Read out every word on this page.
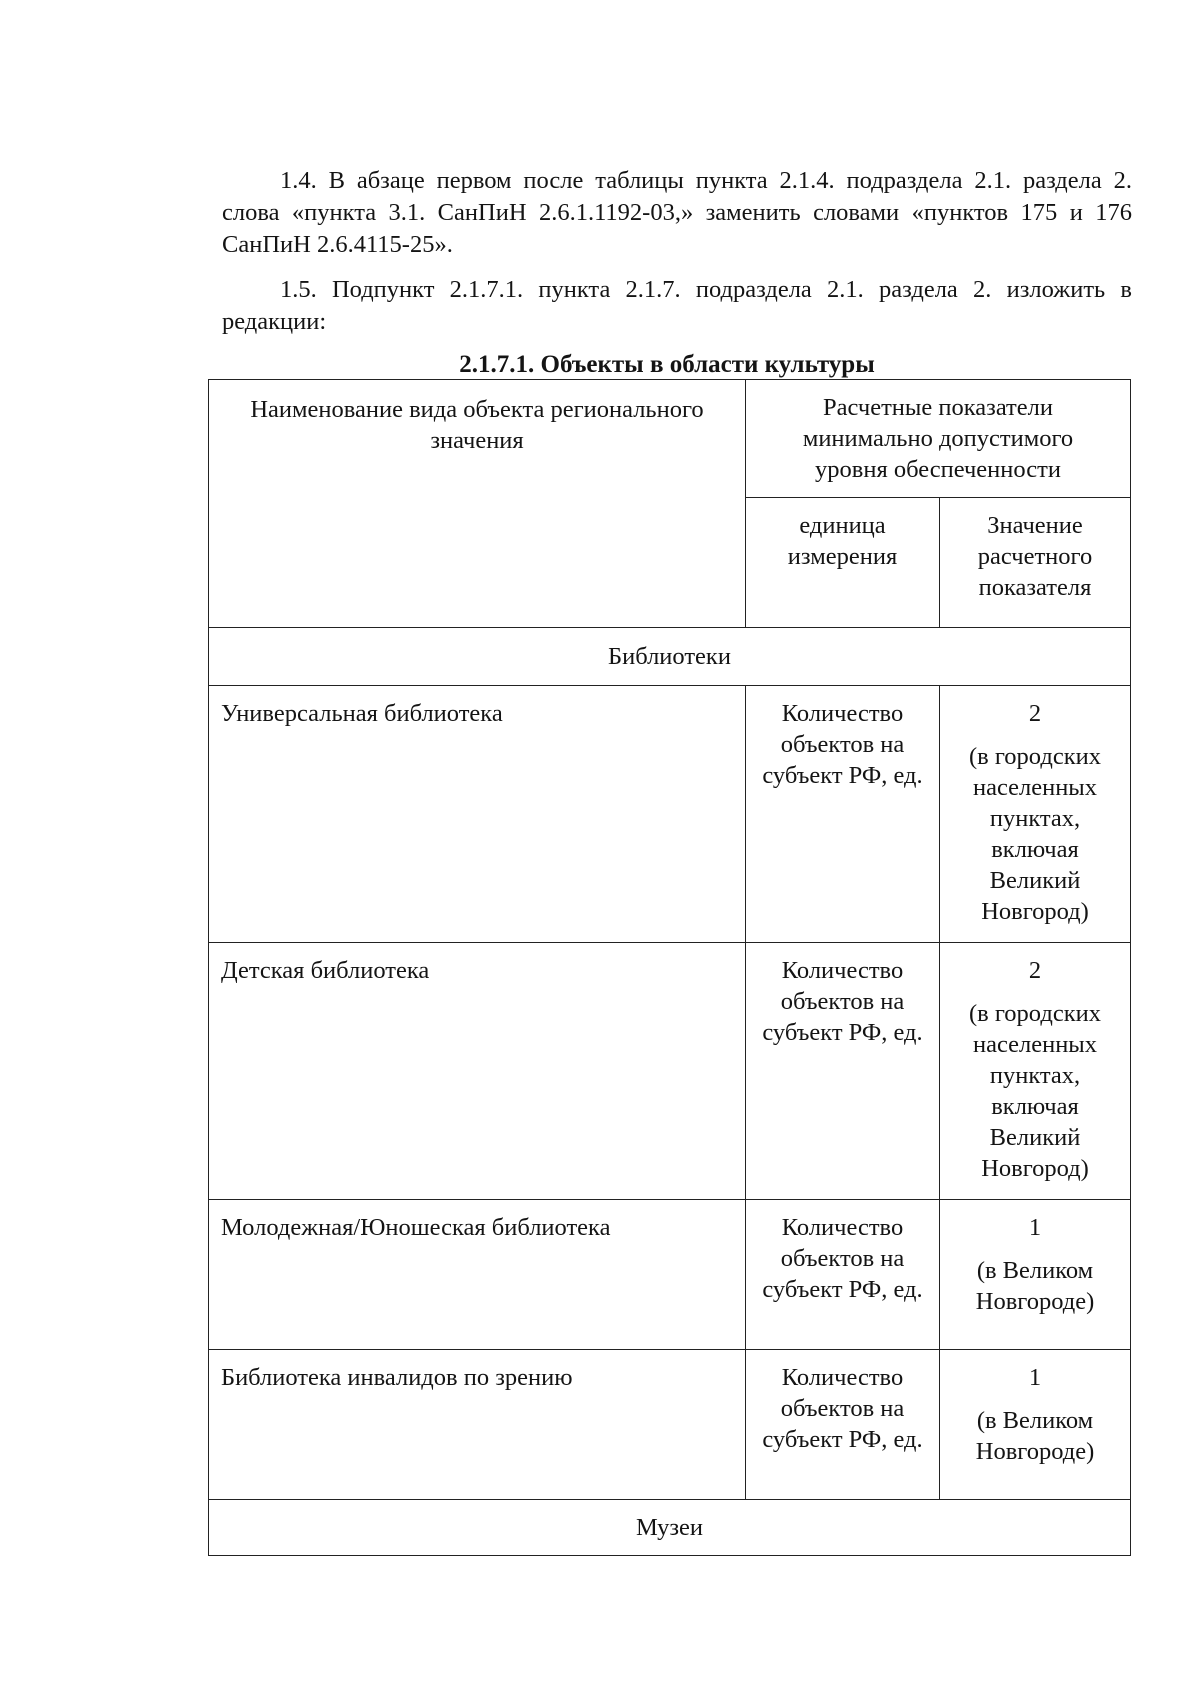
1.4. В абзаце первом после таблицы пункта 2.1.4. подраздела 2.1. раздела 2. слова «пункта 3.1. СанПиН 2.6.1.1192-03,» заменить словами «пунктов 175 и 176 СанПиН 2.6.4115-25».

1.5. Подпункт 2.1.7.1. пункта 2.1.7. подраздела 2.1. раздела 2. изложить в редакции:

2.1.7.1. Объекты в области культуры
Наименование вида объекта регионального значения	Расчетные показатели минимально допустимого уровня обеспеченности	
	единица измерения	Значение расчетного показателя
Библиотеки		
Универсальная библиотека	Количество объектов на субъект РФ, ед.	2
(в городских населенных пунктах, включая Великий Новгород)
Детская библиотека	Количество объектов на субъект РФ, ед.	2
(в городских населенных пунктах, включая Великий Новгород)
Молодежная/Юношеская библиотека	Количество объектов на субъект РФ, ед.	1
(в Великом Новгороде)
Библиотека инвалидов по зрению	Количество объектов на субъект РФ, ед.	1
(в Великом Новгороде)
Музеи		
